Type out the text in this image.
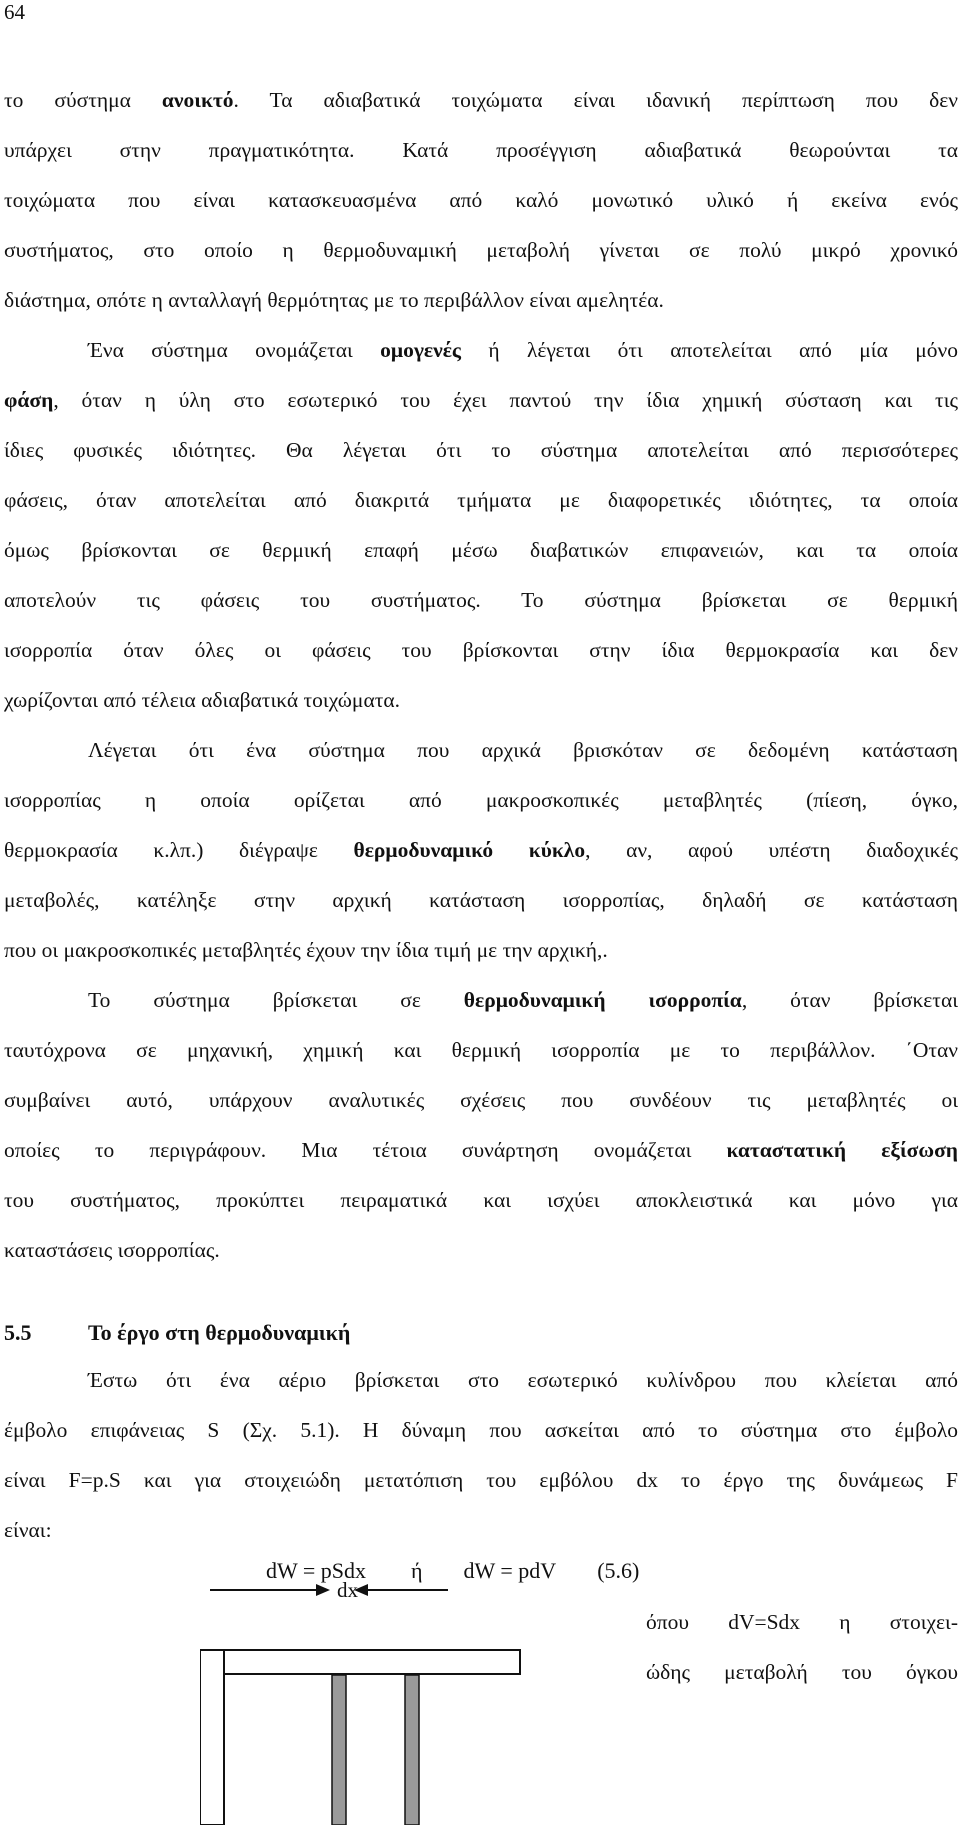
64
το σύστημα ανοικτό. Τα αδιαβατικά τοιχώματα είναι ιδανική περίπτωση που δεν
υπάρχει στην πραγματικότητα. Κατά προσέγγιση αδιαβατικά θεωρούνται τα
τοιχώματα που είναι κατασκευασμένα από καλό μονωτικό υλικό ή εκείνα ενός
συστήματος, στο οποίο η θερμοδυναμική μεταβολή γίνεται σε πολύ μικρό χρονικό
διάστημα, οπότε η ανταλλαγή θερμότητας με το περιβάλλον είναι αμελητέα.
Ένα σύστημα ονομάζεται ομογενές ή λέγεται ότι αποτελείται από μία μόνο
φάση, όταν η ύλη στο εσωτερικό του έχει παντού την ίδια χημική σύσταση και τις
ίδιες φυσικές ιδιότητες. Θα λέγεται ότι το σύστημα αποτελείται από περισσότερες
φάσεις, όταν αποτελείται από διακριτά τμήματα με διαφορετικές ιδιότητες, τα οποία
όμως βρίσκονται σε θερμική επαφή μέσω διαβατικών επιφανειών, και τα οποία
αποτελούν τις φάσεις του συστήματος. Το σύστημα βρίσκεται σε θερμική
ισορροπία όταν όλες οι φάσεις του βρίσκονται στην ίδια θερμοκρασία και δεν
χωρίζονται από τέλεια αδιαβατικά τοιχώματα.
Λέγεται ότι ένα σύστημα που αρχικά βρισκόταν σε δεδομένη κατάσταση
ισορροπίας η οποία ορίζεται από μακροσκοπικές μεταβλητές (πίεση, όγκο,
θερμοκρασία κ.λπ.) διέγραψε θερμοδυναμικό κύκλο, αν, αφού υπέστη διαδοχικές
μεταβολές, κατέληξε στην αρχική κατάσταση ισορροπίας, δηλαδή σε κατάσταση
που οι μακροσκοπικές μεταβλητές έχουν την ίδια τιμή με την αρχική,.
Το σύστημα βρίσκεται σε θερμοδυναμική ισορροπία, όταν βρίσκεται
ταυτόχρονα σε μηχανική, χημική και θερμική ισορροπία με το περιβάλλον. ΄Οταν
συμβαίνει αυτό, υπάρχουν αναλυτικές σχέσεις που συνδέουν τις μεταβλητές οι
οποίες το περιγράφουν. Μια τέτοια συνάρτηση ονομάζεται καταστατική εξίσωση
του συστήματος, προκύπτει πειραματικά και ισχύει αποκλειστικά και μόνο για
καταστάσεις ισορροπίας.
5.5	Το έργο στη θερμοδυναμική
Έστω ότι ένα αέριο βρίσκεται στο εσωτερικό κυλίνδρου που κλείεται από
έμβολο επιφάνειας S (Σχ. 5.1). Η δύναμη που ασκείται από το σύστημα στο έμβολο
είναι F=p.S και για στοιχειώδη μετατόπιση του εμβόλου dx το έργο της δυνάμεως F
είναι:
dW = pSdx ή dW = pdV (5.6)
όπου dV=Sdx η στοιχει-
ώδης μεταβολή του όγκου
dx
